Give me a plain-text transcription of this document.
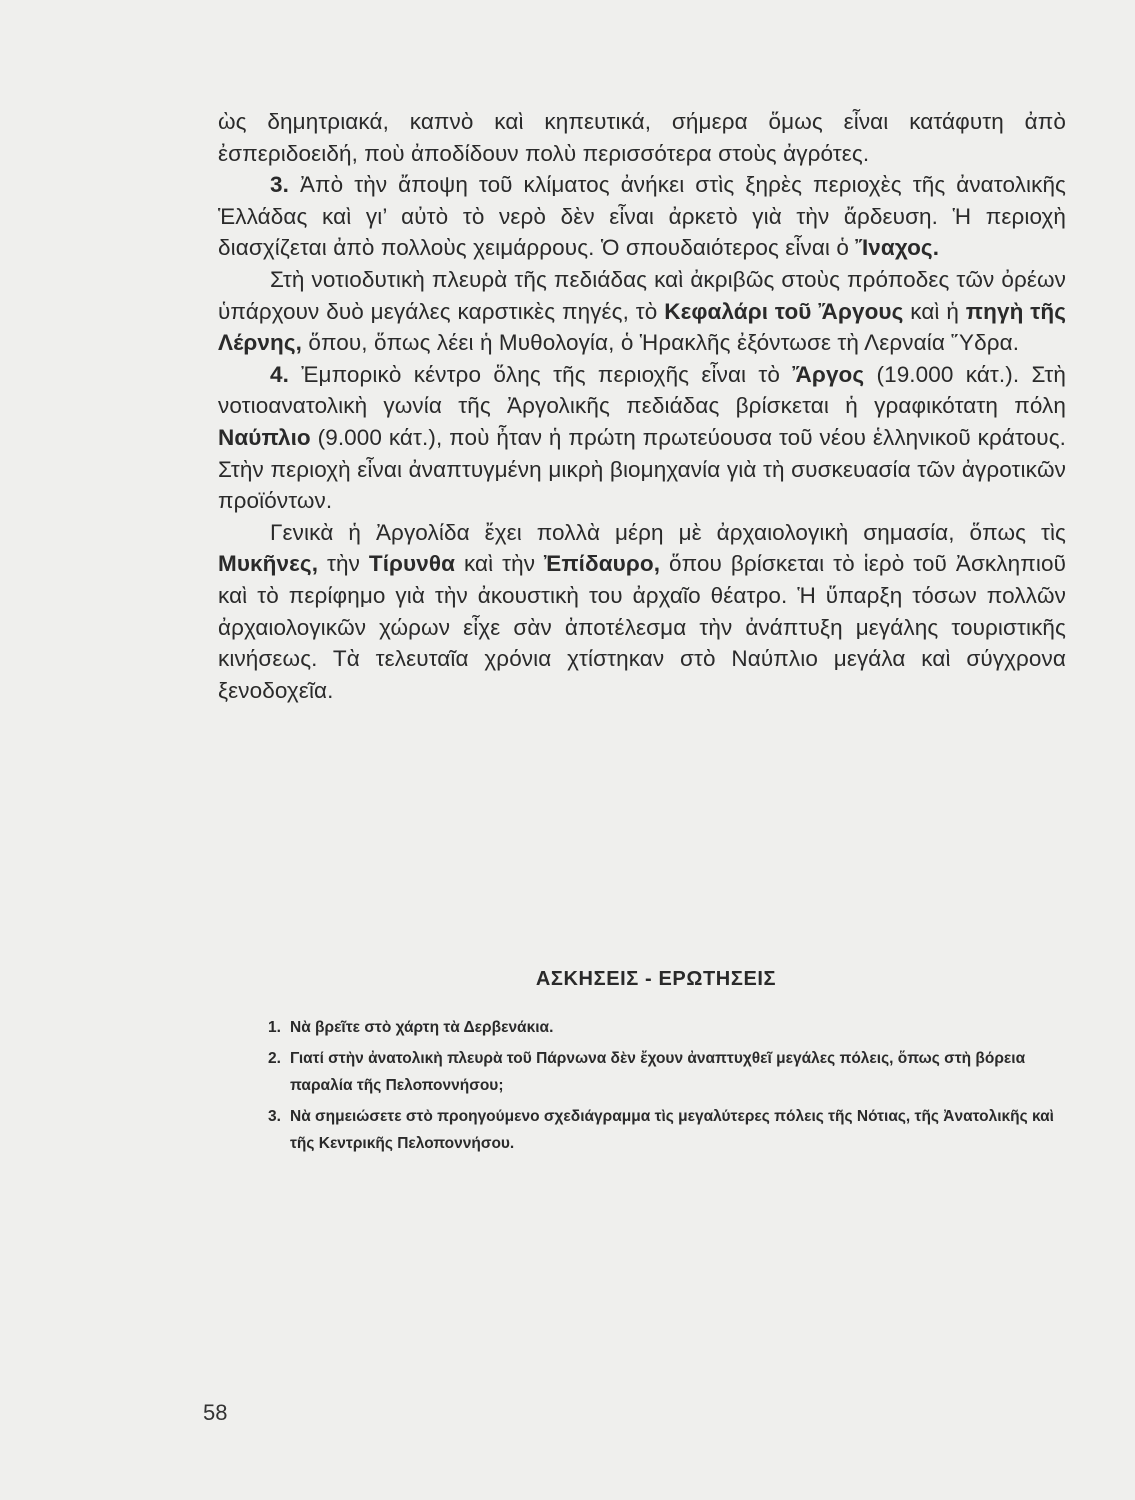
ὼς δημητριακά, καπνὸ καὶ κηπευτικά, σήμερα ὅμως εἶναι κατάφυτη ἀπὸ ἐσπεριδοειδή, ποὺ ἀποδίδουν πολὺ περισσότερα στοὺς ἀγρότες.

3. Ἀπὸ τὴν ἄποψη τοῦ κλίματος ἀνήκει στὶς ξηρὲς περιοχὲς τῆς ἀνατολικῆς Ἑλλάδας καὶ γι’ αὐτὸ τὸ νερὸ δὲν εἶναι ἀρκετὸ γιὰ τὴν ἄρδευση. Ἡ περιοχὴ διασχίζεται ἀπὸ πολλοὺς χειμάρρους. Ὁ σπουδαιότερος εἶναι ὁ Ἴναχος.

Στὴ νοτιοδυτικὴ πλευρὰ τῆς πεδιάδας καὶ ἀκριβῶς στοὺς πρόποδες τῶν ὀρέων ὑπάρχουν δυὸ μεγάλες καρστικὲς πηγές, τὸ Κεφαλάρι τοῦ Ἄργους καὶ ἡ πηγὴ τῆς Λέρνης, ὅπου, ὅπως λέει ἡ Μυθολογία, ὁ Ἡρακλῆς ἐξόντωσε τὴ Λερναία Ὕδρα.

4. Ἐμπορικὸ κέντρο ὅλης τῆς περιοχῆς εἶναι τὸ Ἄργος (19.000 κάτ.). Στὴ νοτιοανατολικὴ γωνία τῆς Ἀργολικῆς πεδιάδας βρίσκεται ἡ γραφικότατη πόλη Ναύπλιο (9.000 κάτ.), ποὺ ἦταν ἡ πρώτη πρωτεύουσα τοῦ νέου ἑλληνικοῦ κράτους. Στὴν περιοχὴ εἶναι ἀναπτυγμένη μικρὴ βιομηχανία γιὰ τὴ συσκευασία τῶν ἀγροτικῶν προϊόντων.

Γενικὰ ἡ Ἀργολίδα ἔχει πολλὰ μέρη μὲ ἀρχαιολογικὴ σημασία, ὅπως τὶς Μυκῆνες, τὴν Τίρυνθα καὶ τὴν Ἐπίδαυρο, ὅπου βρίσκεται τὸ ἱερὸ τοῦ Ἀσκληπιοῦ καὶ τὸ περίφημο γιὰ τὴν ἀκουστικὴ του ἀρχαῖο θέατρο. Ἡ ὕπαρξη τόσων πολλῶν ἀρχαιολογικῶν χώρων εἶχε σὰν ἀποτέλεσμα τὴν ἀνάπτυξη μεγάλης τουριστικῆς κινήσεως. Τὰ τελευταῖα χρόνια χτίστηκαν στὸ Ναύπλιο μεγάλα καὶ σύγχρονα ξενοδοχεῖα.

ΑΣΚΗΣΕΙΣ - ΕΡΩΤΗΣΕΙΣ
1. Νὰ βρεῖτε στὸ χάρτη τὰ Δερβενάκια.
2. Γιατί στὴν ἀνατολικὴ πλευρὰ τοῦ Πάρνωνα δὲν ἔχουν ἀναπτυχθεῖ μεγάλες πόλεις, ὅπως στὴ βόρεια παραλία τῆς Πελοποννήσου;
3. Νὰ σημειώσετε στὸ προηγούμενο σχεδιάγραμμα τὶς μεγαλύτερες πόλεις τῆς Νότιας, τῆς Ἀνατολικῆς καὶ τῆς Κεντρικῆς Πελοποννήσου.
58
